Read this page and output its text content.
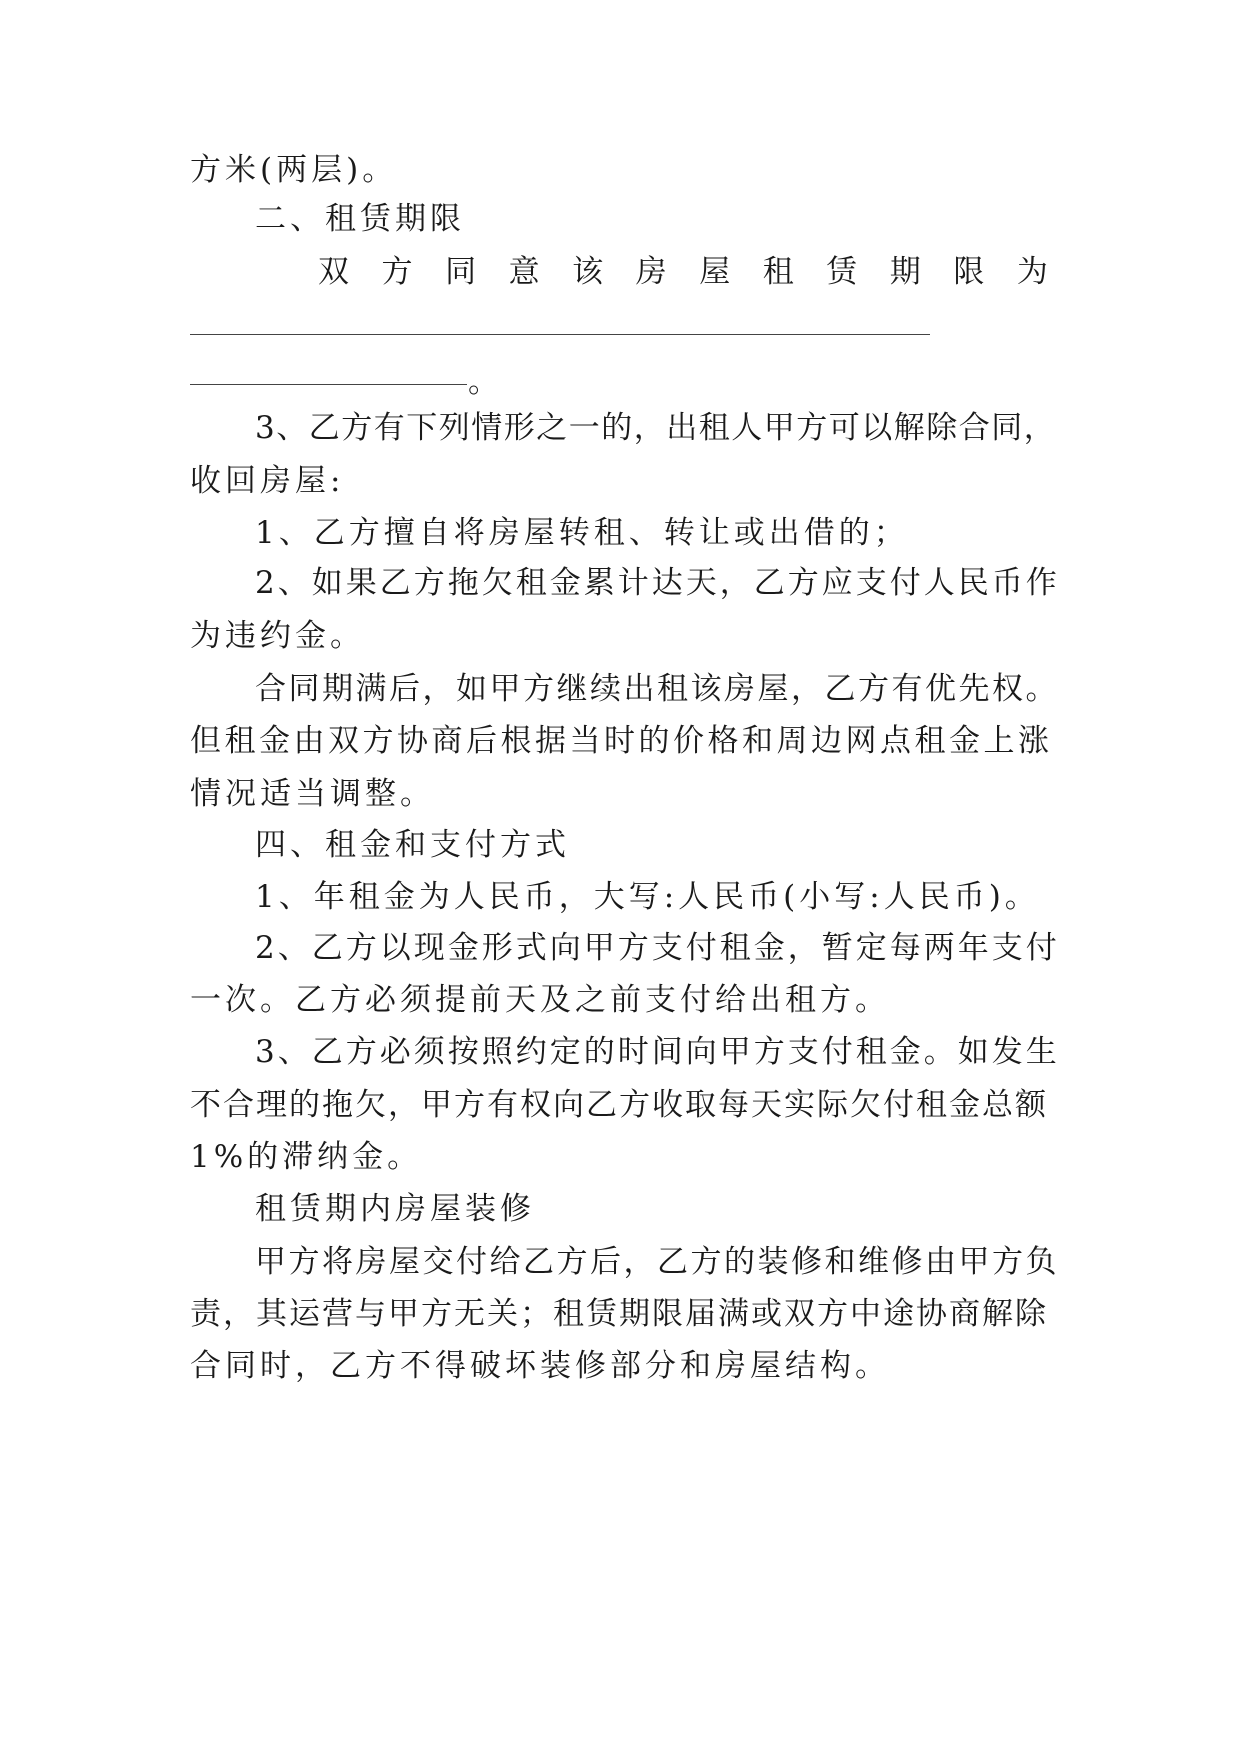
方米(两层)。
二、租赁期限
双 方 同 意 该 房 屋 租 赁 期 限 为
。
3、乙方有下列情形之一的，出租人甲方可以解除合同，
收回房屋:
1、乙方擅自将房屋转租、转让或出借的；
2、如果乙方拖欠租金累计达天，乙方应支付人民币作
为违约金。
合同期满后，如甲方继续出租该房屋，乙方有优先权。
但租金由双方协商后根据当时的价格和周边网点租金上涨
情况适当调整。
四、租金和支付方式
1、年租金为人民币，大写:人民币(小写:人民币)。
2、乙方以现金形式向甲方支付租金，暂定每两年支付
一次。乙方必须提前天及之前支付给出租方。
3、乙方必须按照约定的时间向甲方支付租金。如发生
不合理的拖欠，甲方有权向乙方收取每天实际欠付租金总额
1%的滞纳金。
租赁期内房屋装修
甲方将房屋交付给乙方后，乙方的装修和维修由甲方负
责，其运营与甲方无关；租赁期限届满或双方中途协商解除
合同时，乙方不得破坏装修部分和房屋结构。
